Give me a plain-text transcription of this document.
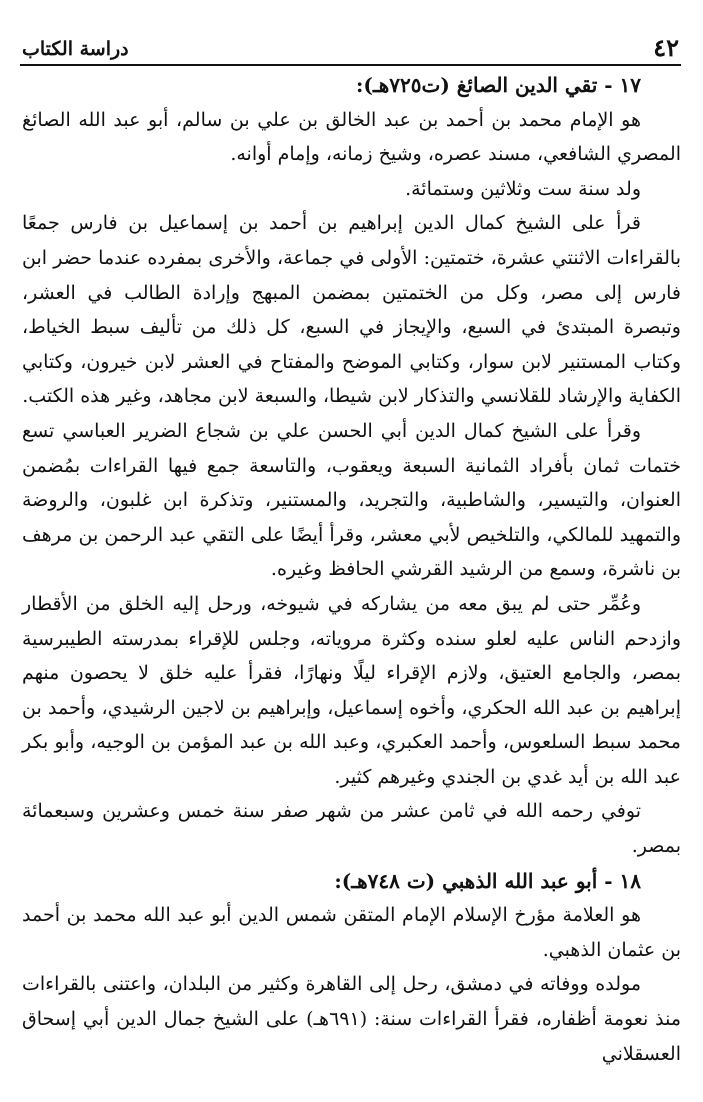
٤٢
دراسة الكتاب

١٧ - تقي الدين الصائغ (ت٧٢٥هـ):

هو الإمام محمد بن أحمد بن عبد الخالق بن علي بن سالم، أبو عبد الله الصائغ المصري الشافعي، مسند عصره، وشيخ زمانه، وإمام أوانه.

ولد سنة ست وثلاثين وستمائة.

قرأ على الشيخ كمال الدين إبراهيم بن أحمد بن إسماعيل بن فارس جمعًا بالقراءات الاثنتي عشرة، ختمتين: الأولى في جماعة، والأخرى بمفرده عندما حضر ابن فارس إلى مصر، وكل من الختمتين بمضمن المبهج وإرادة الطالب في العشر، وتبصرة المبتدئ في السبع، والإيجاز في السبع، كل ذلك من تأليف سبط الخياط، وكتاب المستنير لابن سوار، وكتابي الموضح والمفتاح في العشر لابن خيرون، وكتابي الكفاية والإرشاد للقلانسي والتذكار لابن شيطا، والسبعة لابن مجاهد، وغير هذه الكتب.

وقرأ على الشيخ كمال الدين أبي الحسن علي بن شجاع الضرير العباسي تسع ختمات ثمان بأفراد الثمانية السبعة ويعقوب، والتاسعة جمع فيها القراءات بمُضمن العنوان، والتيسير، والشاطبية، والتجريد، والمستنير، وتذكرة ابن غلبون، والروضة والتمهيد للمالكي، والتلخيص لأبي معشر، وقرأ أيضًا على التقي عبد الرحمن بن مرهف بن ناشرة، وسمع من الرشيد القرشي الحافظ وغيره.

وعُمِّر حتى لم يبق معه من يشاركه في شيوخه، ورحل إليه الخلق من الأقطار وازدحم الناس عليه لعلو سنده وكثرة مروياته، وجلس للإقراء بمدرسته الطيبرسية بمصر، والجامع العتيق، ولازم الإقراء ليلًا ونهارًا، فقرأ عليه خلق لا يحصون منهم إبراهيم بن عبد الله الحكري، وأخوه إسماعيل، وإبراهيم بن لاجين الرشيدي، وأحمد بن محمد سبط السلعوس، وأحمد العكبري، وعبد الله بن عبد المؤمن بن الوجيه، وأبو بكر عبد الله بن أيد غدي بن الجندي وغيرهم كثير.

توفي رحمه الله في ثامن عشر من شهر صفر سنة خمس وعشرين وسبعمائة بمصر.

١٨ - أبو عبد الله الذهبي (ت ٧٤٨هـ):

هو العلامة مؤرخ الإسلام الإمام المتقن شمس الدين أبو عبد الله محمد بن أحمد بن عثمان الذهبي.

مولده ووفاته في دمشق، رحل إلى القاهرة وكثير من البلدان، واعتنى بالقراءات منذ نعومة أظفاره، فقرأ القراءات سنة: (٦٩١هـ) على الشيخ جمال الدين أبي إسحاق العسقلاني
